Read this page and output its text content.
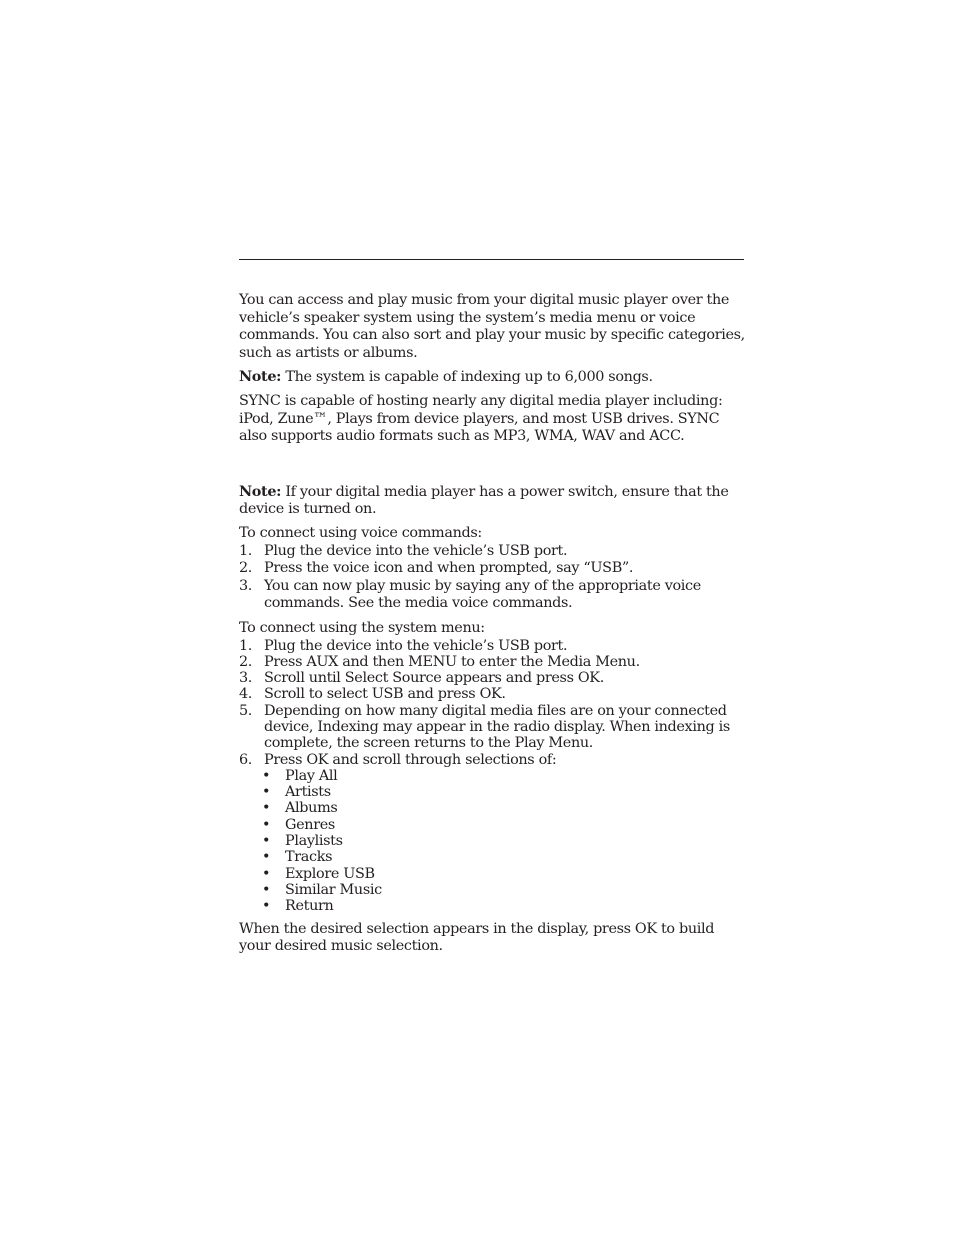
You can access and play music from your digital music player over the vehicle’s speaker system using the system’s media menu or voice commands. You can also sort and play your music by specific categories, such as artists or albums.

Note: The system is capable of indexing up to 6,000 songs.

SYNC is capable of hosting nearly any digital media player including: iPod, Zune™, Plays from device players, and most USB drives. SYNC also supports audio formats such as MP3, WMA, WAV and ACC.

Note: If your digital media player has a power switch, ensure that the device is turned on.

To connect using voice commands:

1. Plug the device into the vehicle’s USB port.
2. Press the voice icon and when prompted, say “USB”.
3. You can now play music by saying any of the appropriate voice commands. See the media voice commands.

To connect using the system menu:

1. Plug the device into the vehicle’s USB port.
2. Press AUX and then MENU to enter the Media Menu.
3. Scroll until Select Source appears and press OK.
4. Scroll to select USB and press OK.
5. Depending on how many digital media files are on your connected device, Indexing may appear in the radio display. When indexing is complete, the screen returns to the Play Menu.
6. Press OK and scroll through selections of:
• Play All
• Artists
• Albums
• Genres
• Playlists
• Tracks
• Explore USB
• Similar Music
• Return

When the desired selection appears in the display, press OK to build your desired music selection.
